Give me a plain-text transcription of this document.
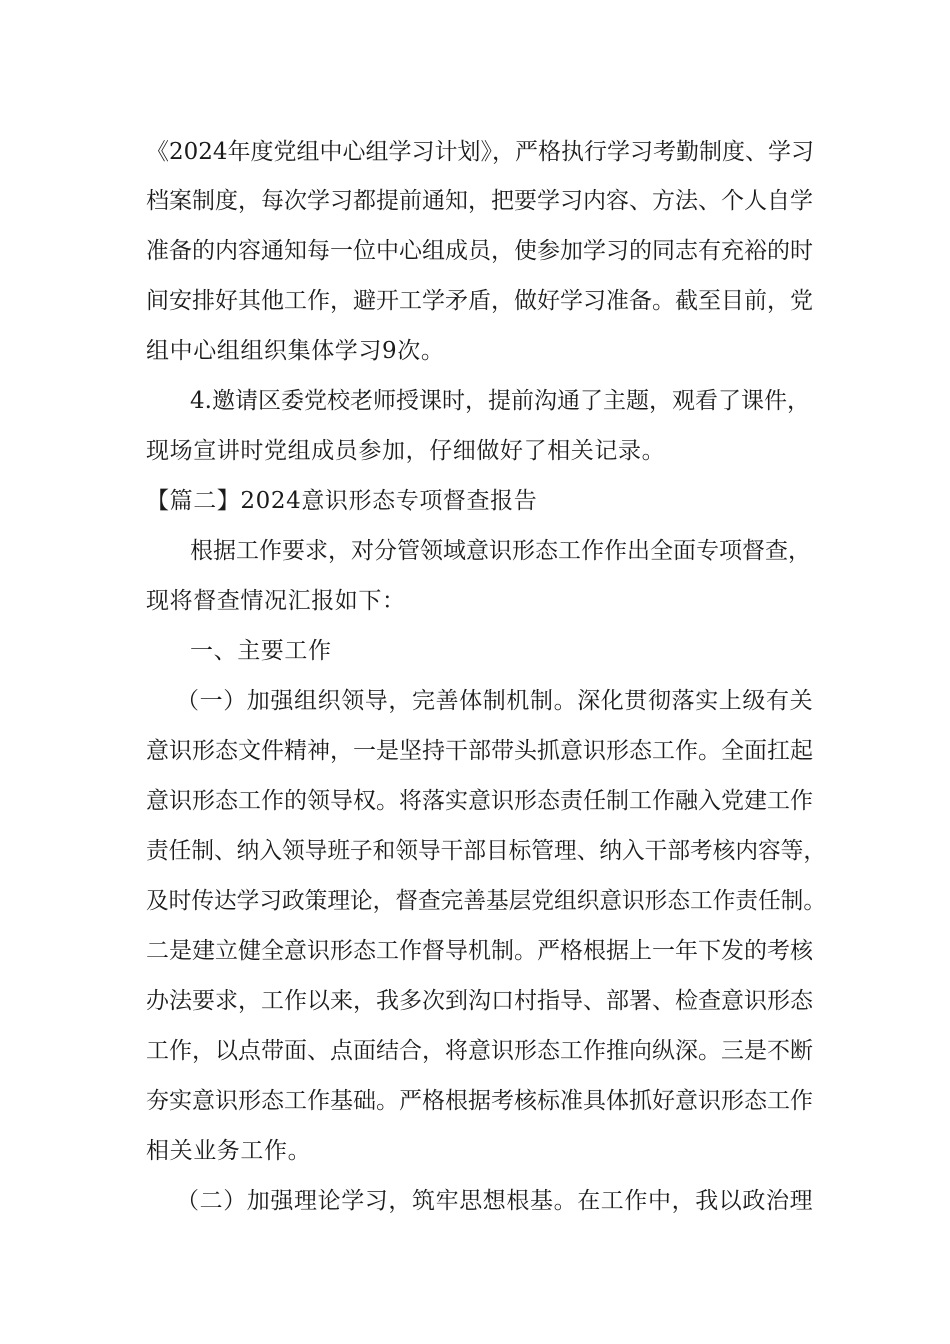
《2024年度党组中心组学习计划》，严格执行学习考勤制度、学习
档案制度，每次学习都提前通知，把要学习内容、方法、个人自学
准备的内容通知每一位中心组成员，使参加学习的同志有充裕的时
间安排好其他工作，避开工学矛盾，做好学习准备。截至目前，党
组中心组组织集体学习9次。
4.邀请区委党校老师授课时，提前沟通了主题，观看了课件，
现场宣讲时党组成员参加，仔细做好了相关记录。
【篇二】2024意识形态专项督查报告
根据工作要求，对分管领域意识形态工作作出全面专项督查，
现将督查情况汇报如下：
一、主要工作
（一）加强组织领导，完善体制机制。深化贯彻落实上级有关
意识形态文件精神，一是坚持干部带头抓意识形态工作。全面扛起
意识形态工作的领导权。将落实意识形态责任制工作融入党建工作
责任制、纳入领导班子和领导干部目标管理、纳入干部考核内容等，
及时传达学习政策理论，督查完善基层党组织意识形态工作责任制。
二是建立健全意识形态工作督导机制。严格根据上一年下发的考核
办法要求，工作以来，我多次到沟口村指导、部署、检查意识形态
工作，以点带面、点面结合，将意识形态工作推向纵深。三是不断
夯实意识形态工作基础。严格根据考核标准具体抓好意识形态工作
相关业务工作。
（二）加强理论学习，筑牢思想根基。在工作中，我以政治理
